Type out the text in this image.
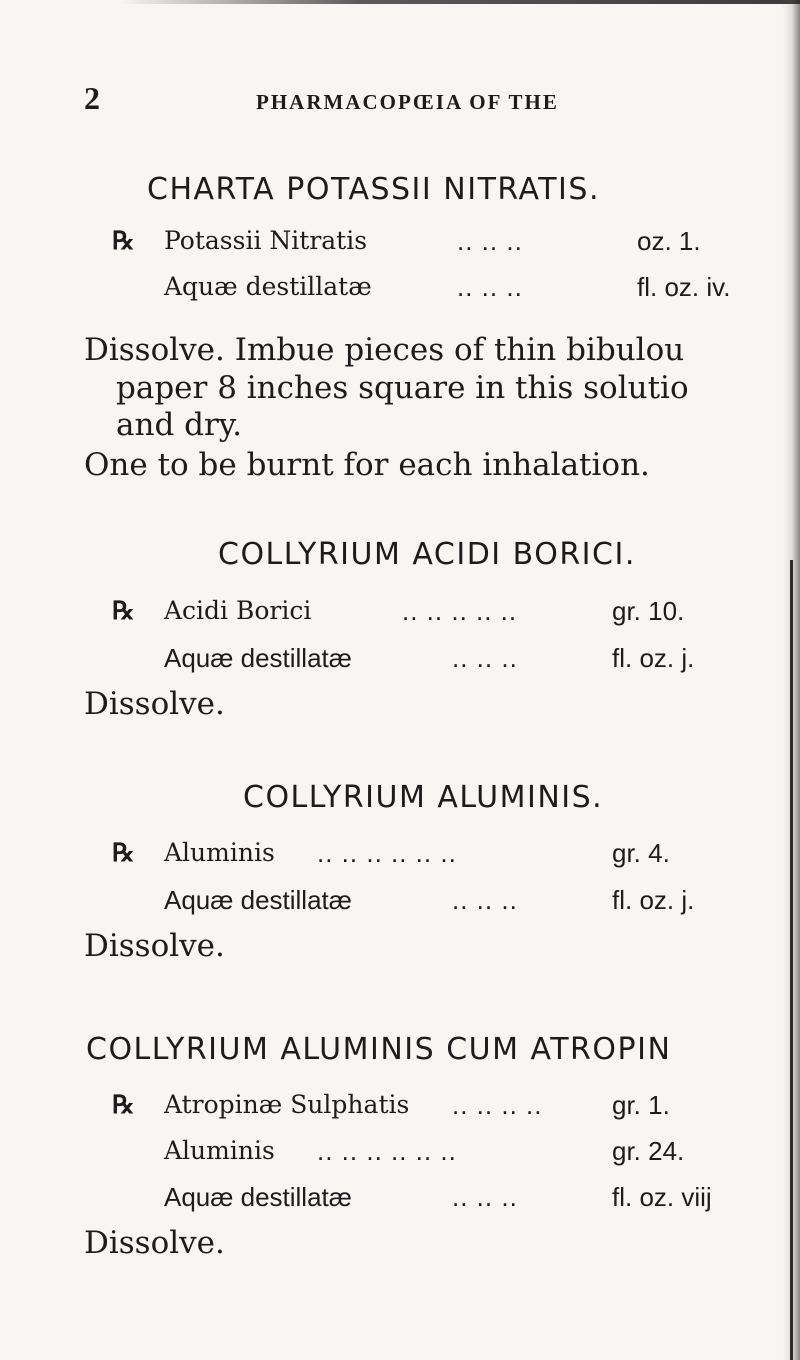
2	PHARMACOPŒIA OF THE
CHARTA POTASSII NITRATIS.
℞ Potassii Nitratis	.. .. ..	oz. 1.
Aquæ destillatæ	.. .. ..	fl. oz. iv.
Dissolve. Imbue pieces of thin bibulou
paper 8 inches square in this solutio
and dry.
One to be burnt for each inhalation.
COLLYRIUM ACIDI BORICI.
℞ Acidi Borici	.. .. .. .. ..	gr. 10.
Aquæ destillatæ	.. .. ..	fl. oz. j.
Dissolve.
COLLYRIUM ALUMINIS.
℞ Aluminis .. .. .. .. .. ..	gr. 4.
Aquæ destillatæ	.. .. ..	fl. oz. j.
Dissolve.
COLLYRIUM ALUMINIS CUM ATROPIN
℞ Atropinæ Sulphatis .. .. .. ..	gr. 1.
Aluminis .. .. .. .. .. ..	gr. 24.
Aquæ destillatæ	.. .. ..	fl. oz. viij
Dissolve.
